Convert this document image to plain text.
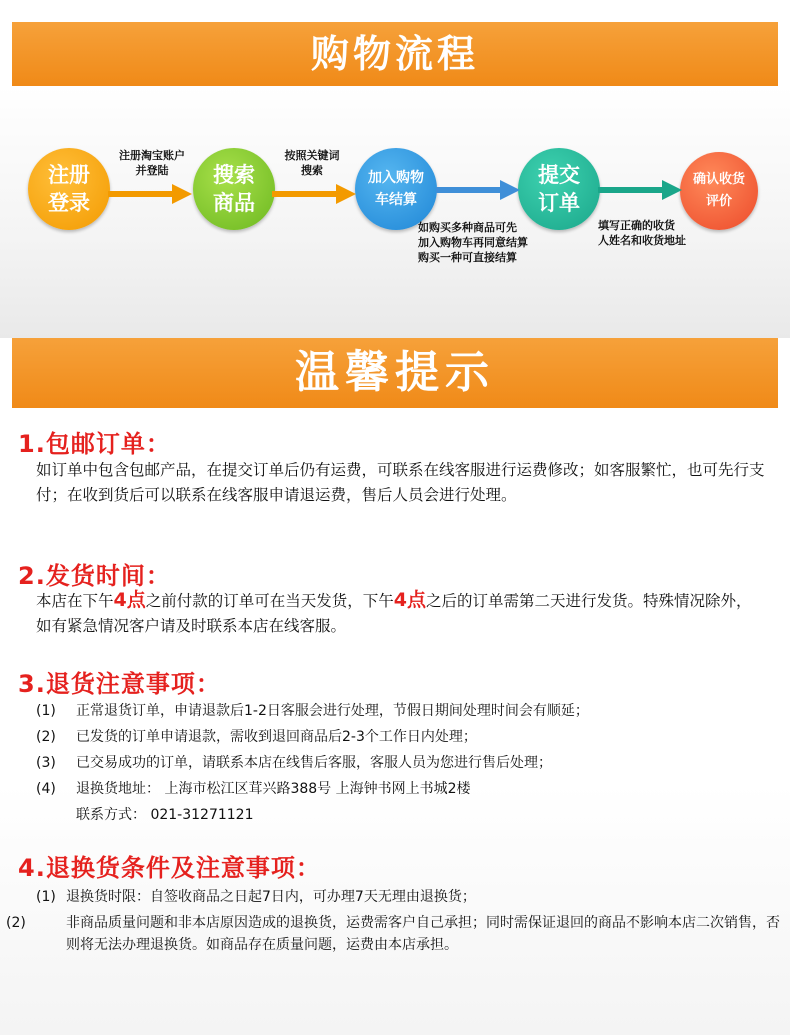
购物流程
注册
登录
搜索
商品
加入购物
车结算
提交
订单
确认收货
评价
注册淘宝账户
并登陆
按照关键词
搜索
如购买多种商品可先
加入购物车再同意结算
购买一种可直接结算
填写正确的收货
人姓名和收货地址
温馨提示
1.包邮订单：
如订单中包含包邮产品，在提交订单后仍有运费，可联系在线客服进行运费修改；如客服繁忙，也可先行支付；在收到货后可以联系在线客服申请退运费，售后人员会进行处理。
2.发货时间：
本店在下午4点之前付款的订单可在当天发货，下午4点之后的订单需第二天进行发货。特殊情况除外，如有紧急情况客户请及时联系本店在线客服。
3.退货注意事项：
(1) 正常退货订单，申请退款后1-2日客服会进行处理，节假日期间处理时间会有顺延；
(2) 已发货的订单申请退款，需收到退回商品后2-3个工作日内处理；
(3) 已交易成功的订单，请联系本店在线售后客服，客服人员为您进行售后处理；
(4) 退换货地址： 上海市松江区茸兴路388号 上海钟书网上书城2楼
联系方式： 021-31271121
4.退换货条件及注意事项：
(1) 退换货时限：自签收商品之日起7日内，可办理7天无理由退换货；
(2)	非商品质量问题和非本店原因造成的退换货，运费需客户自己承担；同时需保证退回的商品不影响本店二次销售，否则将无法办理退换货。如商品存在质量问题，运费由本店承担。
